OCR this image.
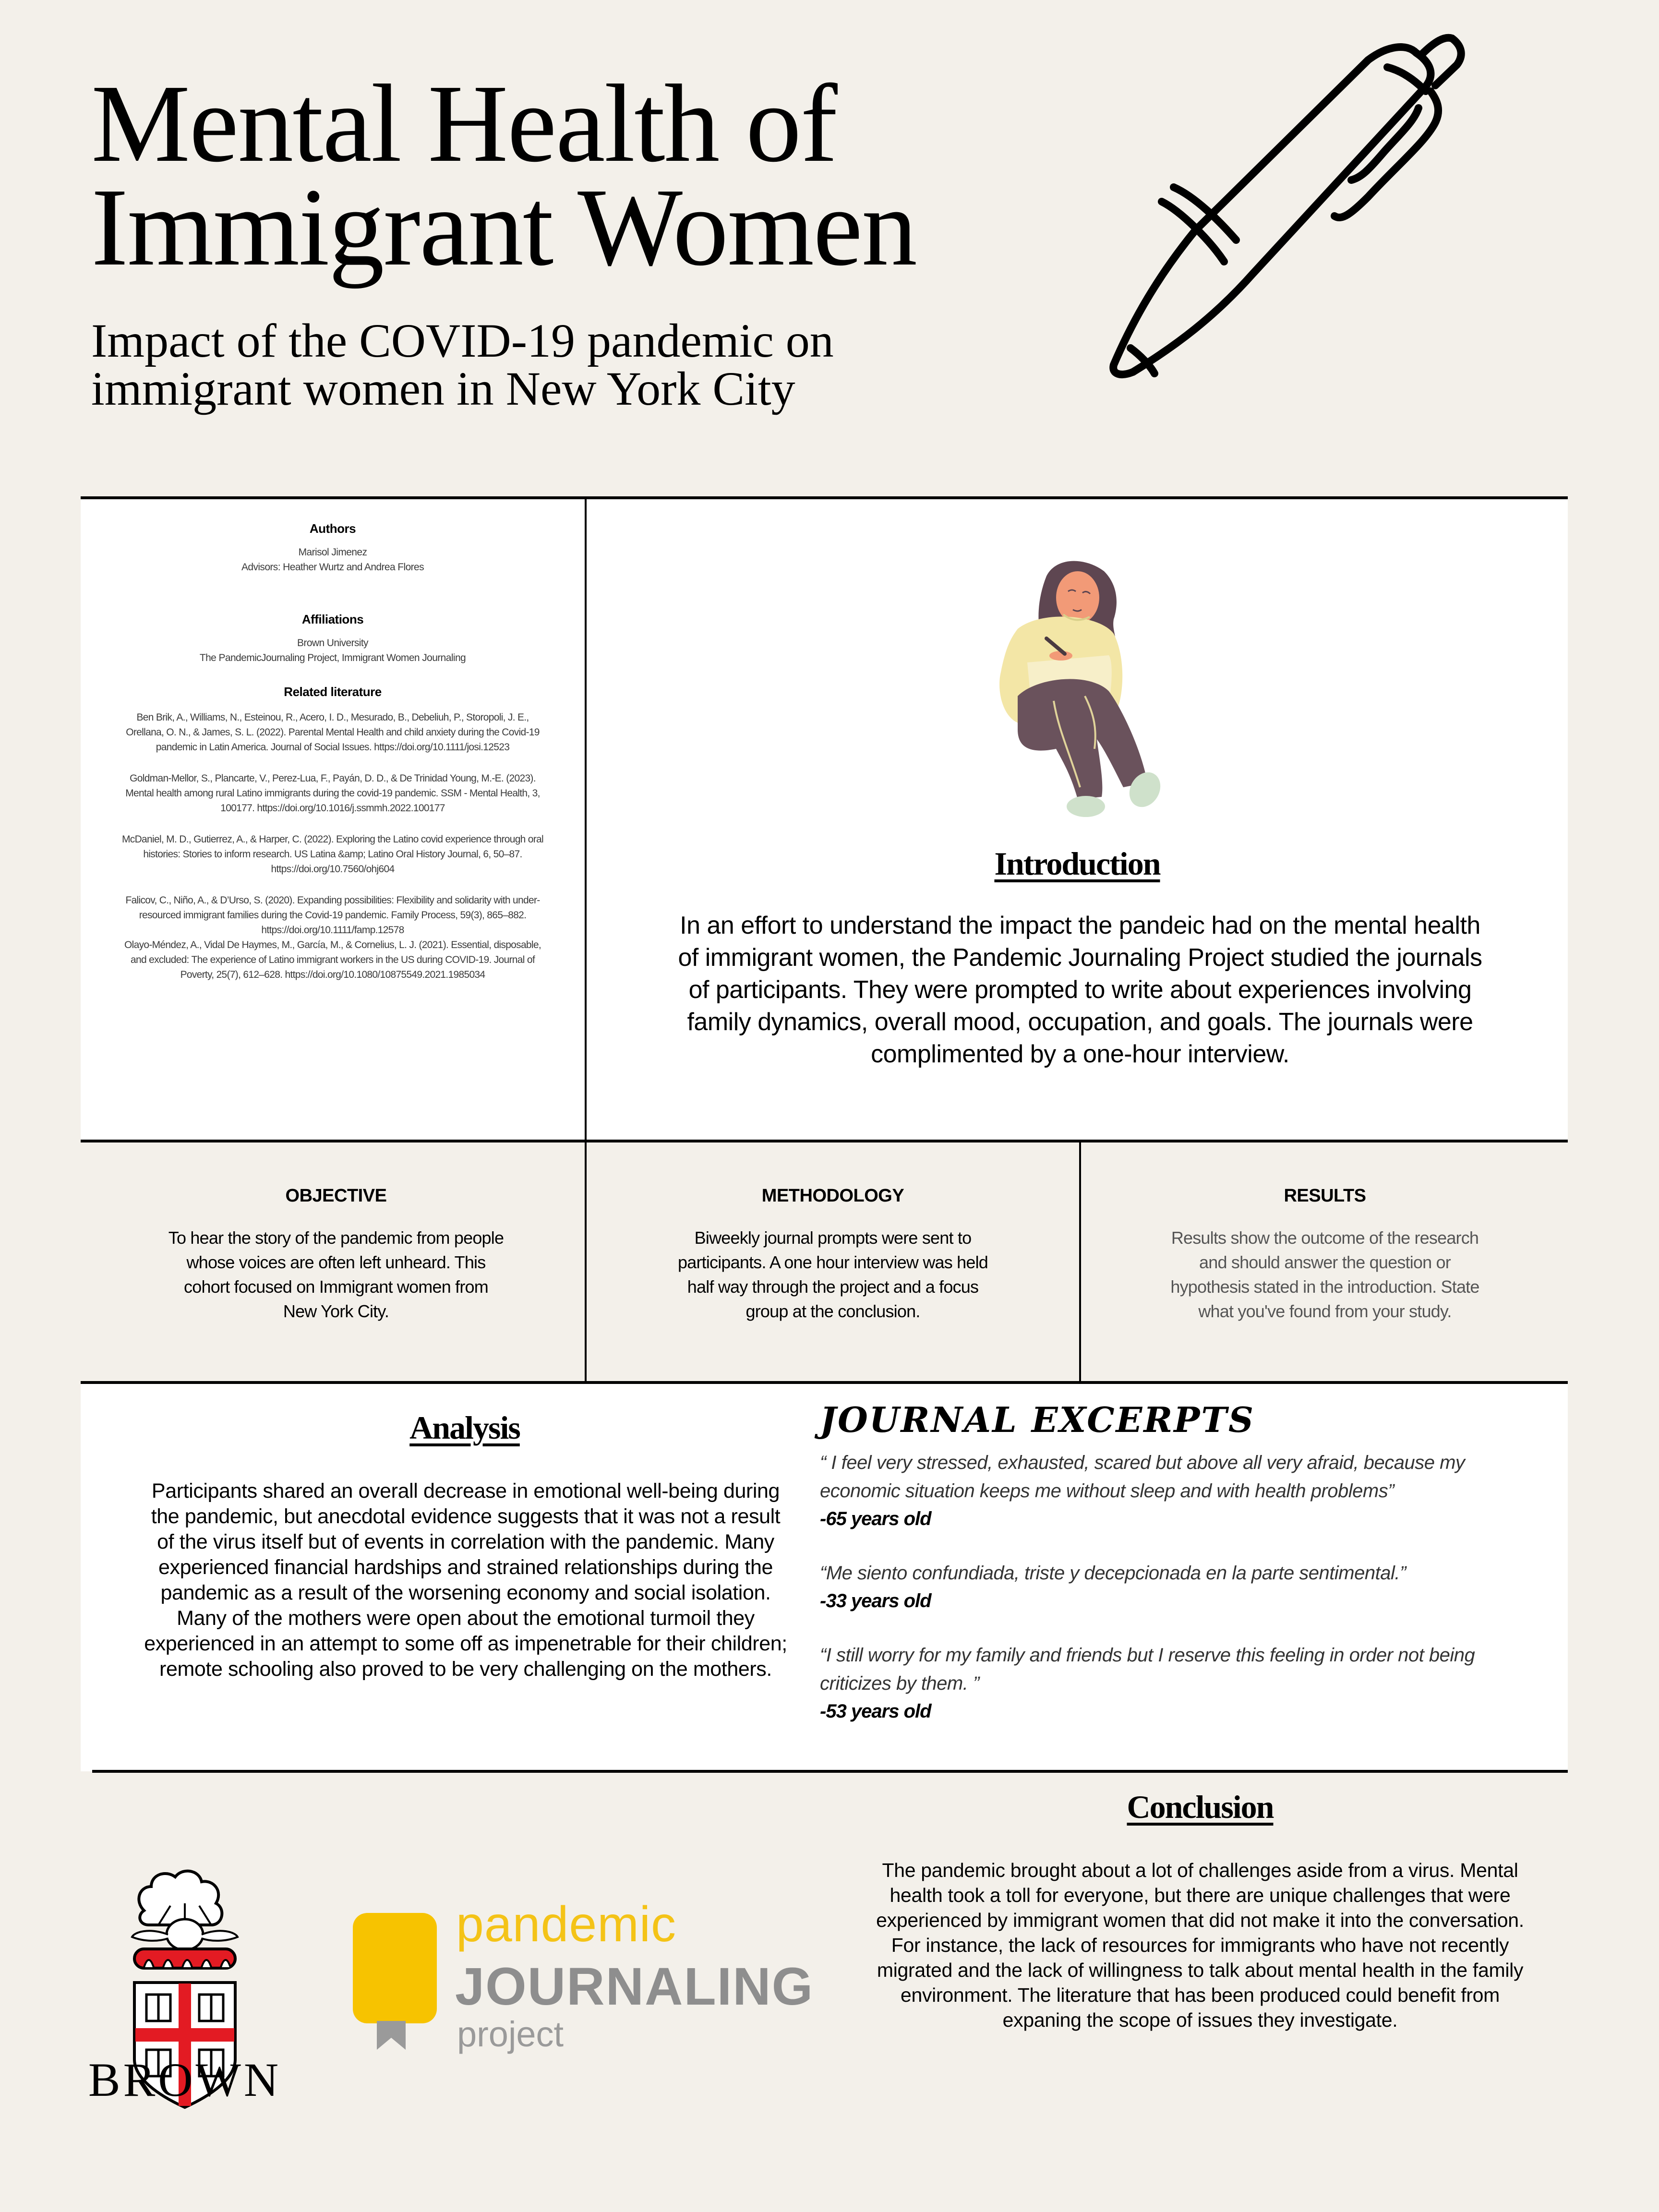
Mental Health of
Immigrant Women
Impact of the COVID-19 pandemic on
immigrant women in New York City
Authors
Marisol Jimenez
Advisors: Heather Wurtz and Andrea Flores
Affiliations
Brown University
The PandemicJournaling Project, Immigrant Women Journaling
Related literature
Ben Brik, A., Williams, N., Esteinou, R., Acero, I. D., Mesurado, B., Debeliuh, P., Storopoli, J. E., Orellana, O. N., & James, S. L. (2022). Parental Mental Health and child anxiety during the Covid-19 pandemic in Latin America. Journal of Social Issues. https://doi.org/10.1111/josi.12523
Goldman-Mellor, S., Plancarte, V., Perez-Lua, F., Payán, D. D., & De Trinidad Young, M.-E. (2023). Mental health among rural Latino immigrants during the covid-19 pandemic. SSM - Mental Health, 3, 100177. https://doi.org/10.1016/j.ssmmh.2022.100177
McDaniel, M. D., Gutierrez, A., & Harper, C. (2022). Exploring the Latino covid experience through oral histories: Stories to inform research. US Latina &amp; Latino Oral History Journal, 6, 50–87. https://doi.org/10.7560/ohj604
Falicov, C., Niño, A., & D’Urso, S. (2020). Expanding possibilities: Flexibility and solidarity with under-resourced immigrant families during the Covid-19 pandemic. Family Process, 59(3), 865–882. https://doi.org/10.1111/famp.12578
Olayo-Méndez, A., Vidal De Haymes, M., García, M., & Cornelius, L. J. (2021). Essential, disposable, and excluded: The experience of Latino immigrant workers in the US during COVID-19. Journal of Poverty, 25(7), 612–628. https://doi.org/10.1080/10875549.2021.1985034
Introduction

In an effort to understand the impact the pandeic had on the mental health of immigrant women, the Pandemic Journaling Project studied the journals of participants. They were prompted to write about experiences involving family dynamics, overall mood, occupation, and goals. The journals were complimented by a one-hour interview.

OBJECTIVE

To hear the story of the pandemic from people whose voices are often left unheard. This cohort focused on Immigrant women from New York City.

METHODOLOGY

Biweekly journal prompts were sent to participants. A one hour interview was held half way through the project and a focus group at the conclusion.

RESULTS

Results show the outcome of the research and should answer the question or hypothesis stated in the introduction. State what you've found from your study.

Analysis

Participants shared an overall decrease in emotional well-being during the pandemic, but anecdotal evidence suggests that it was not a result of the virus itself but of events in correlation with the pandemic. Many experienced financial hardships and strained relationships during the pandemic as a result of the worsening economy and social isolation. Many of the mothers were open about the emotional turmoil they experienced in an attempt to some off as impenetrable for their children; remote schooling also proved to be very challenging on the mothers.

JOURNAL EXCERPTS

“ I feel very stressed, exhausted, scared but above all very afraid, because my economic situation keeps me without sleep and with health problems”

-65 years old

“Me siento confundiada, triste y decepcionada en la parte sentimental.”

-33 years old

“I still worry for my family and friends but I reserve this feeling in order not being criticizes by them. ”

-53 years old

Conclusion

The pandemic brought about a lot of challenges aside from a virus. Mental health took a toll for everyone, but there are unique challenges that were experienced by immigrant women that did not make it into the conversation. For instance, the lack of resources for immigrants who have not recently migrated and the lack of willingness to talk about mental health in the family environment. The literature that has been produced could benefit from expaning the scope of issues they investigate.

BROWN
pandemic
JOURNALING
project
